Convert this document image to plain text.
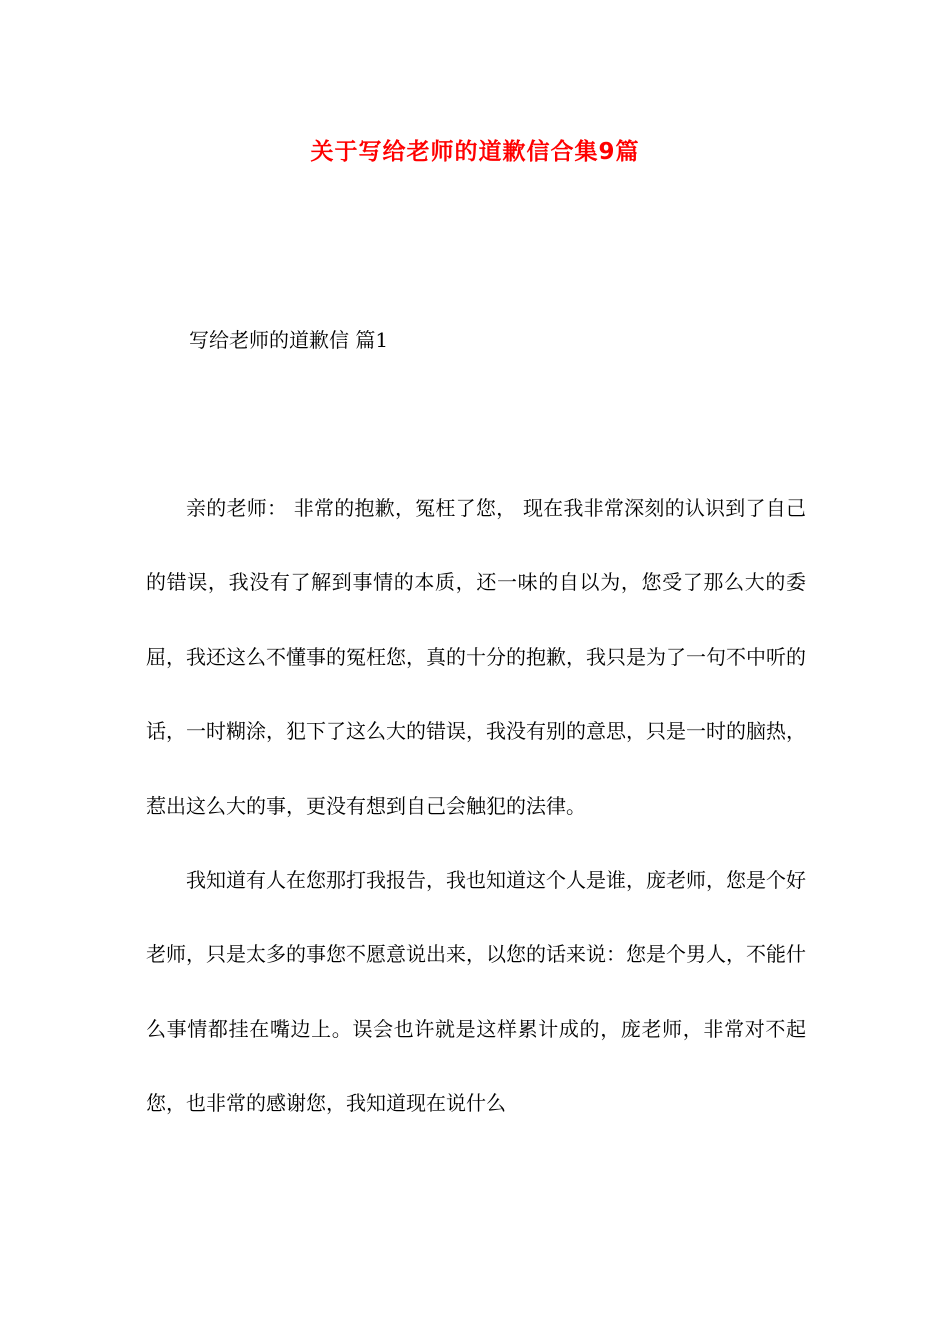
关于写给老师的道歉信合集9篇
写给老师的道歉信 篇1

亲的老师： 非常的抱歉，冤枉了您， 现在我非常深刻的认识到了自己的错误，我没有了解到事情的本质，还一味的自以为，您受了那么大的委屈，我还这么不懂事的冤枉您，真的十分的抱歉，我只是为了一句不中听的话，一时糊涂，犯下了这么大的错误，我没有别的意思，只是一时的脑热，惹出这么大的事，更没有想到自己会触犯的法律。

我知道有人在您那打我报告，我也知道这个人是谁，庞老师，您是个好老师，只是太多的事您不愿意说出来，以您的话来说：您是个男人，不能什么事情都挂在嘴边上。误会也许就是这样累计成的，庞老师，非常对不起您，也非常的感谢您，我知道现在说什么
